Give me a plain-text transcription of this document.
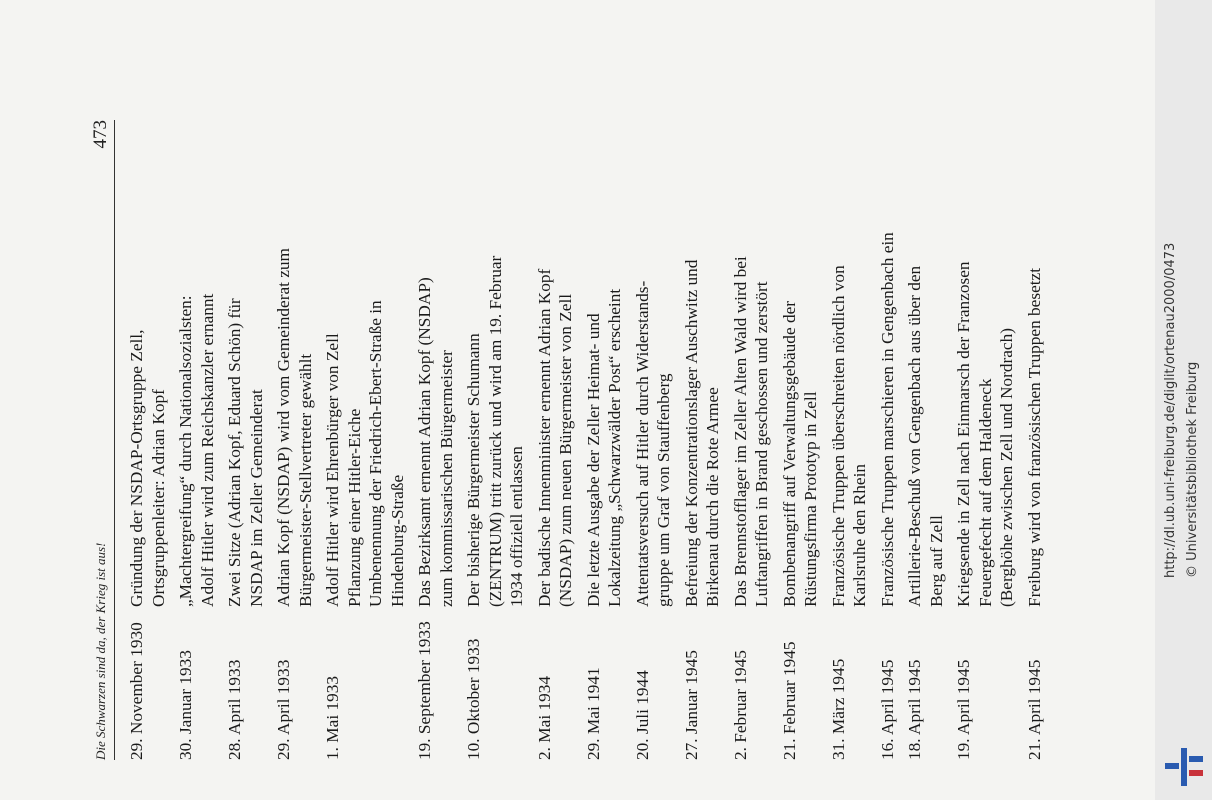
Die Schwarzen sind da, der Krieg ist aus!
473
29. November 1930
Gründung der NSDAP-Ortsgruppe Zell, Ortsgruppenleiter: Adrian Kopf
30. Januar 1933
„Machtergreifung“ durch Nationalsozialsten: Adolf Hitler wird zum Reichskanzler ernannt
28. April 1933
Zwei Sitze (Adrian Kopf, Eduard Schön) für NSDAP im Zeller Gemeinderat
29. April 1933
Adrian Kopf (NSDAP) wird vom Gemeinderat zum Bürgermeister-Stellvertreter gewählt
1. Mai 1933
Adolf Hitler wird Ehrenbürger von Zell Pflanzung einer Hitler-Eiche Umbenennung der Friedrich-Ebert-Straße in Hindenburg-Straße
19. September 1933
Das Bezirksamt ernennt Adrian Kopf (NSDAP) zum kommissarischen Bürgermeister
10. Oktober 1933
Der bisherige Bürgermeister Schumann (ZENTRUM) tritt zurück und wird am 19. Februar 1934 offiziell entlassen
2. Mai 1934
Der badische Innenminister ernennt Adrian Kopf (NSDAP) zum neuen Bürgermeister von Zell
29. Mai 1941
Die letzte Ausgabe der Zeller Heimat- und Lokalzeitung „Schwarzwälder Post“ erscheint
20. Juli 1944
Attentatsversuch auf Hitler durch Widerstands- gruppe um Graf von Stauffenberg
27. Januar 1945
Befreiung der Konzentrationslager Auschwitz und Birkenau durch die Rote Armee
2. Februar 1945
Das Brennstofflager im Zeller Alten Wald wird bei Luftangriffen in Brand geschossen und zerstört
21. Februar 1945
Bombenangriff auf Verwaltungsgebäude der Rüstungsfirma Prototyp in Zell
31. März 1945
Französische Truppen überschreiten nördlich von Karlsruhe den Rhein
16. April 1945
Französische Truppen marschieren in Gengenbach ein
18. April 1945
Artillerie-Beschuß von Gengenbach aus über den Berg auf Zell
19. April 1945
Kriegsende in Zell nach Einmarsch der Franzosen Feuergefecht auf dem Haldeneck (Berghöhe zwischen Zell und Nordrach)
21. April 1945
Freiburg wird von französischen Truppen besetzt	http://dl.ub.uni-freiburg.de/diglit/ortenau2000/0473 © Universitätsbibliothek Freiburg
